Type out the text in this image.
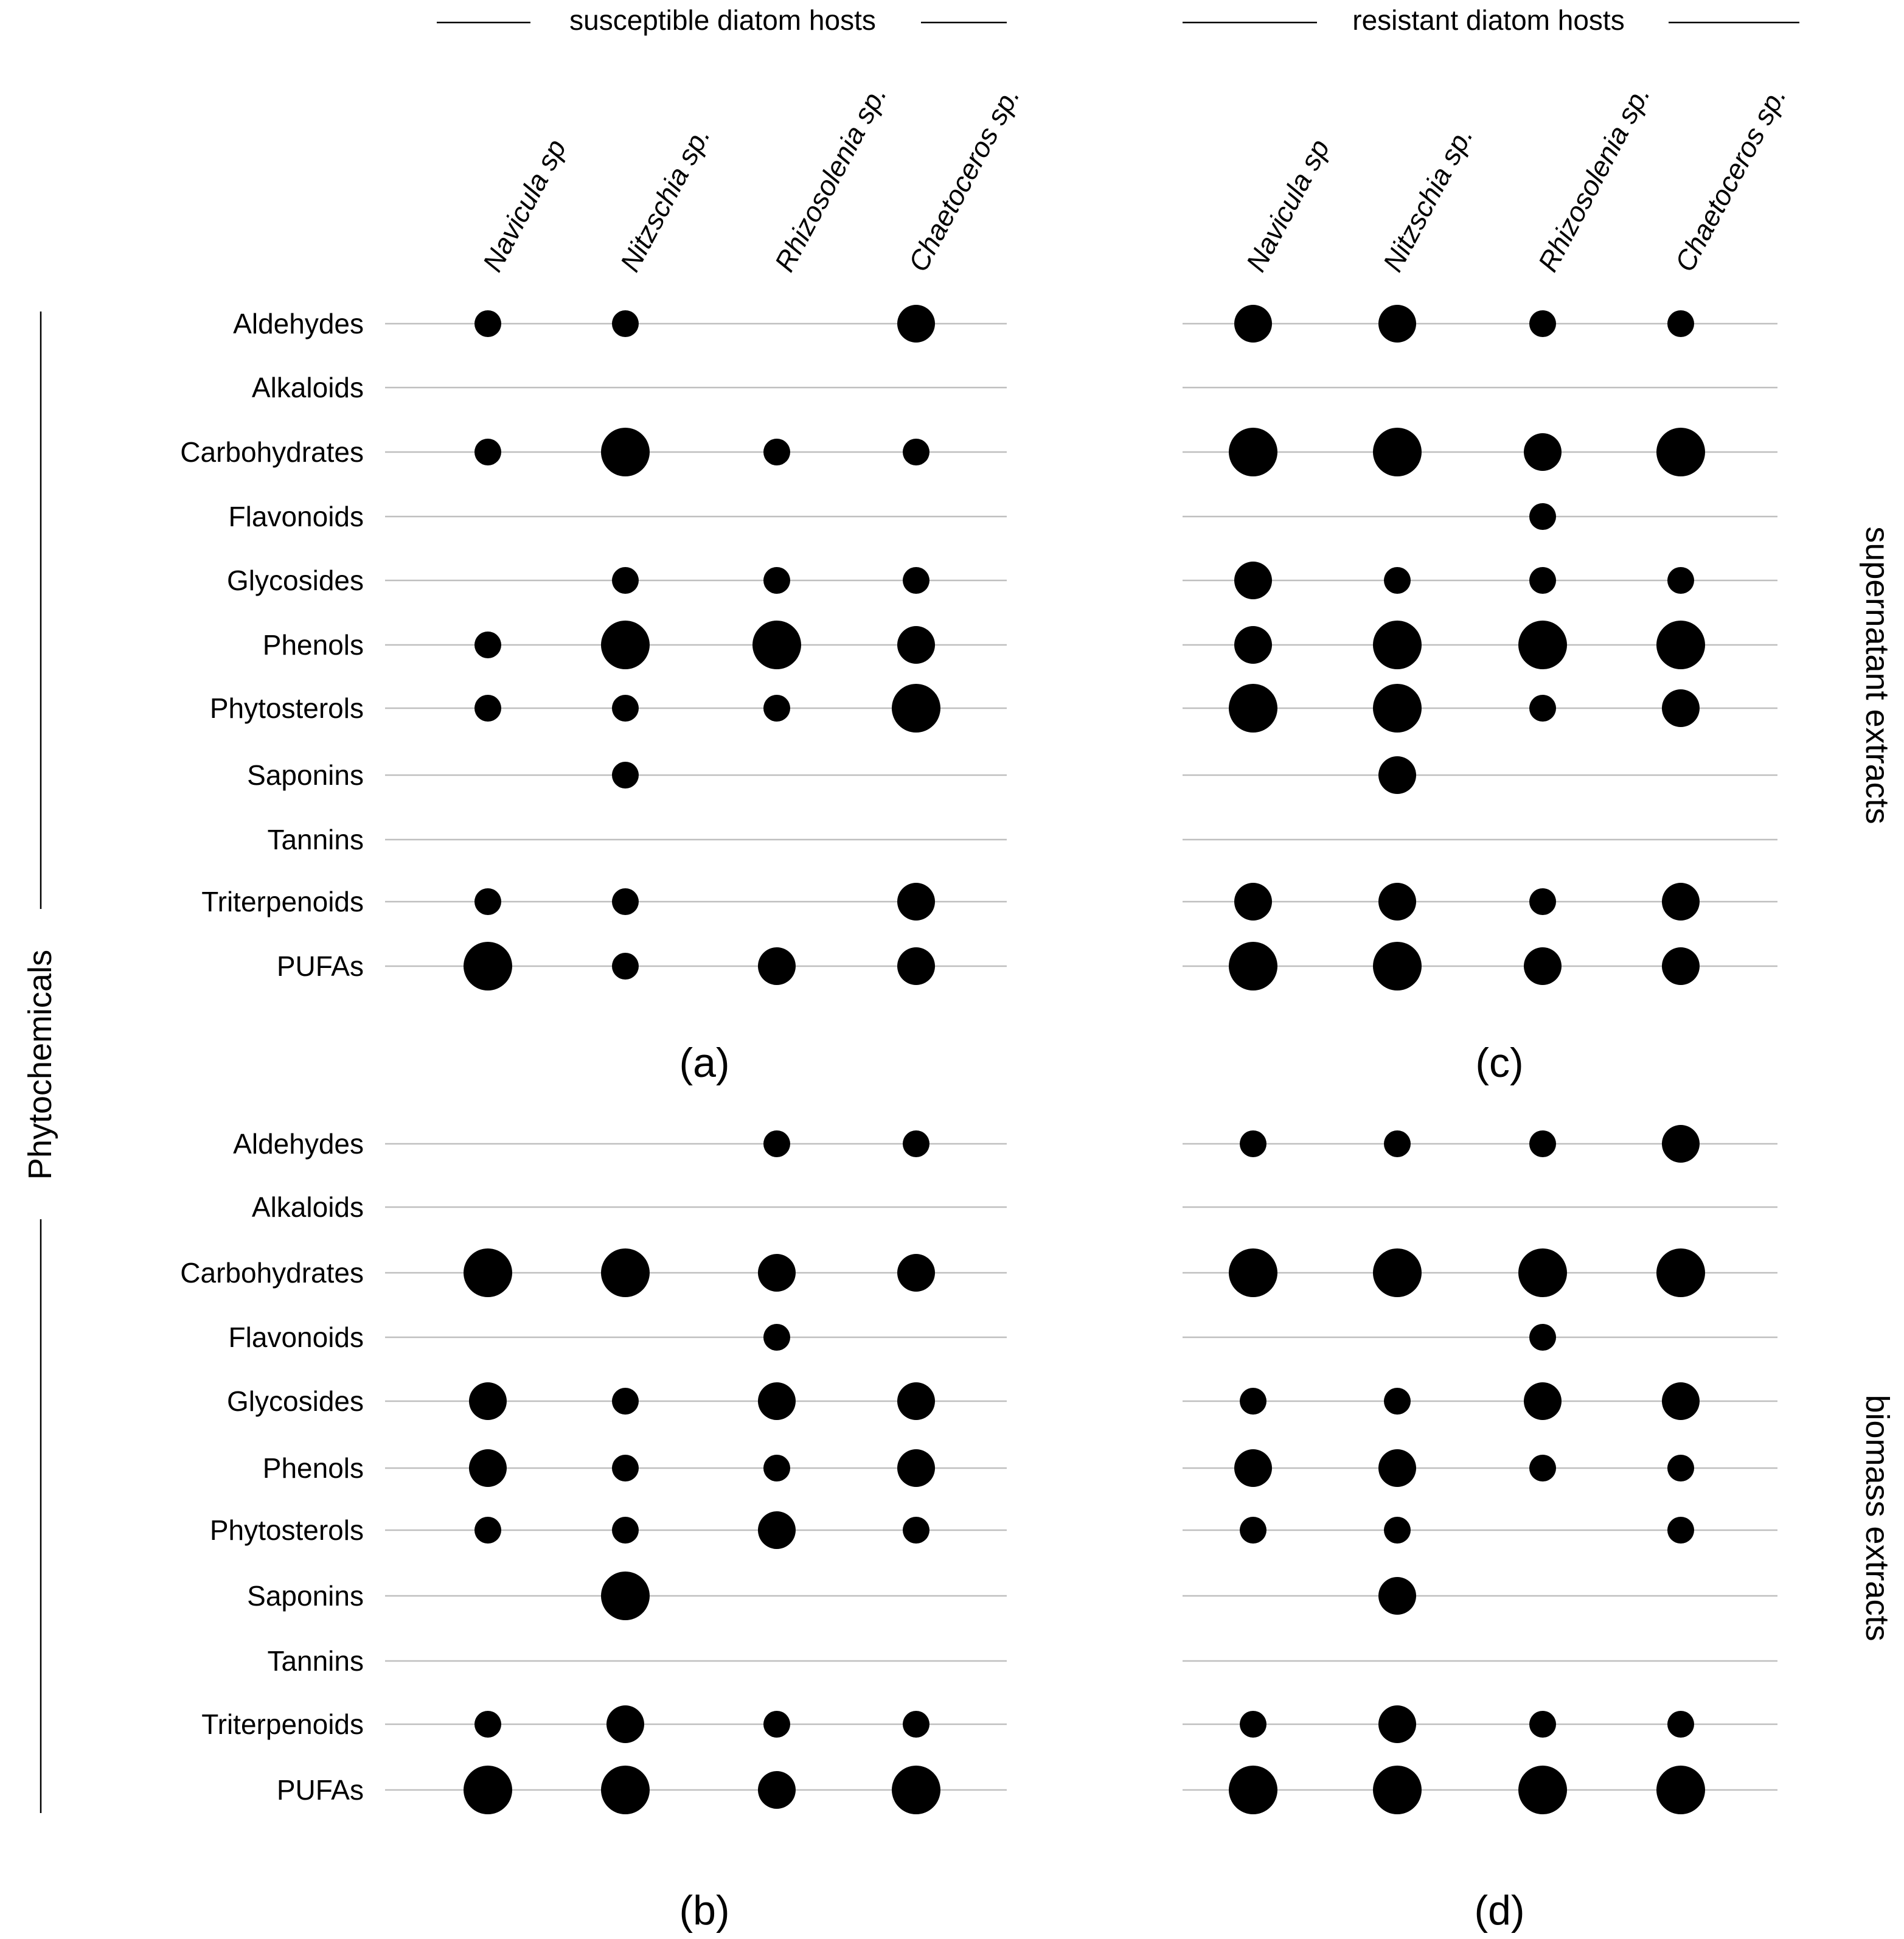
susceptible diatom hosts	resistant diatom hosts
Navicula sp Nitzschia sp. Rhizosolenia sp. Chaetoceros sp.	Navicula sp Nitzschia sp. Rhizosolenia sp. Chaetoceros sp.
Phytochemicals
supernatant extracts
biomass extracts
(a)
(b)
(c)
(d)
Aldehydes
Alkaloids
Carbohydrates
Flavonoids
Glycosides
Phenols
Phytosterols
Saponins
Tannins
Triterpenoids
PUFAs
Aldehydes
Alkaloids
Carbohydrates
Flavonoids
Glycosides
Phenols
Phytosterols
Saponins
Tannins
Triterpenoids
PUFAs
